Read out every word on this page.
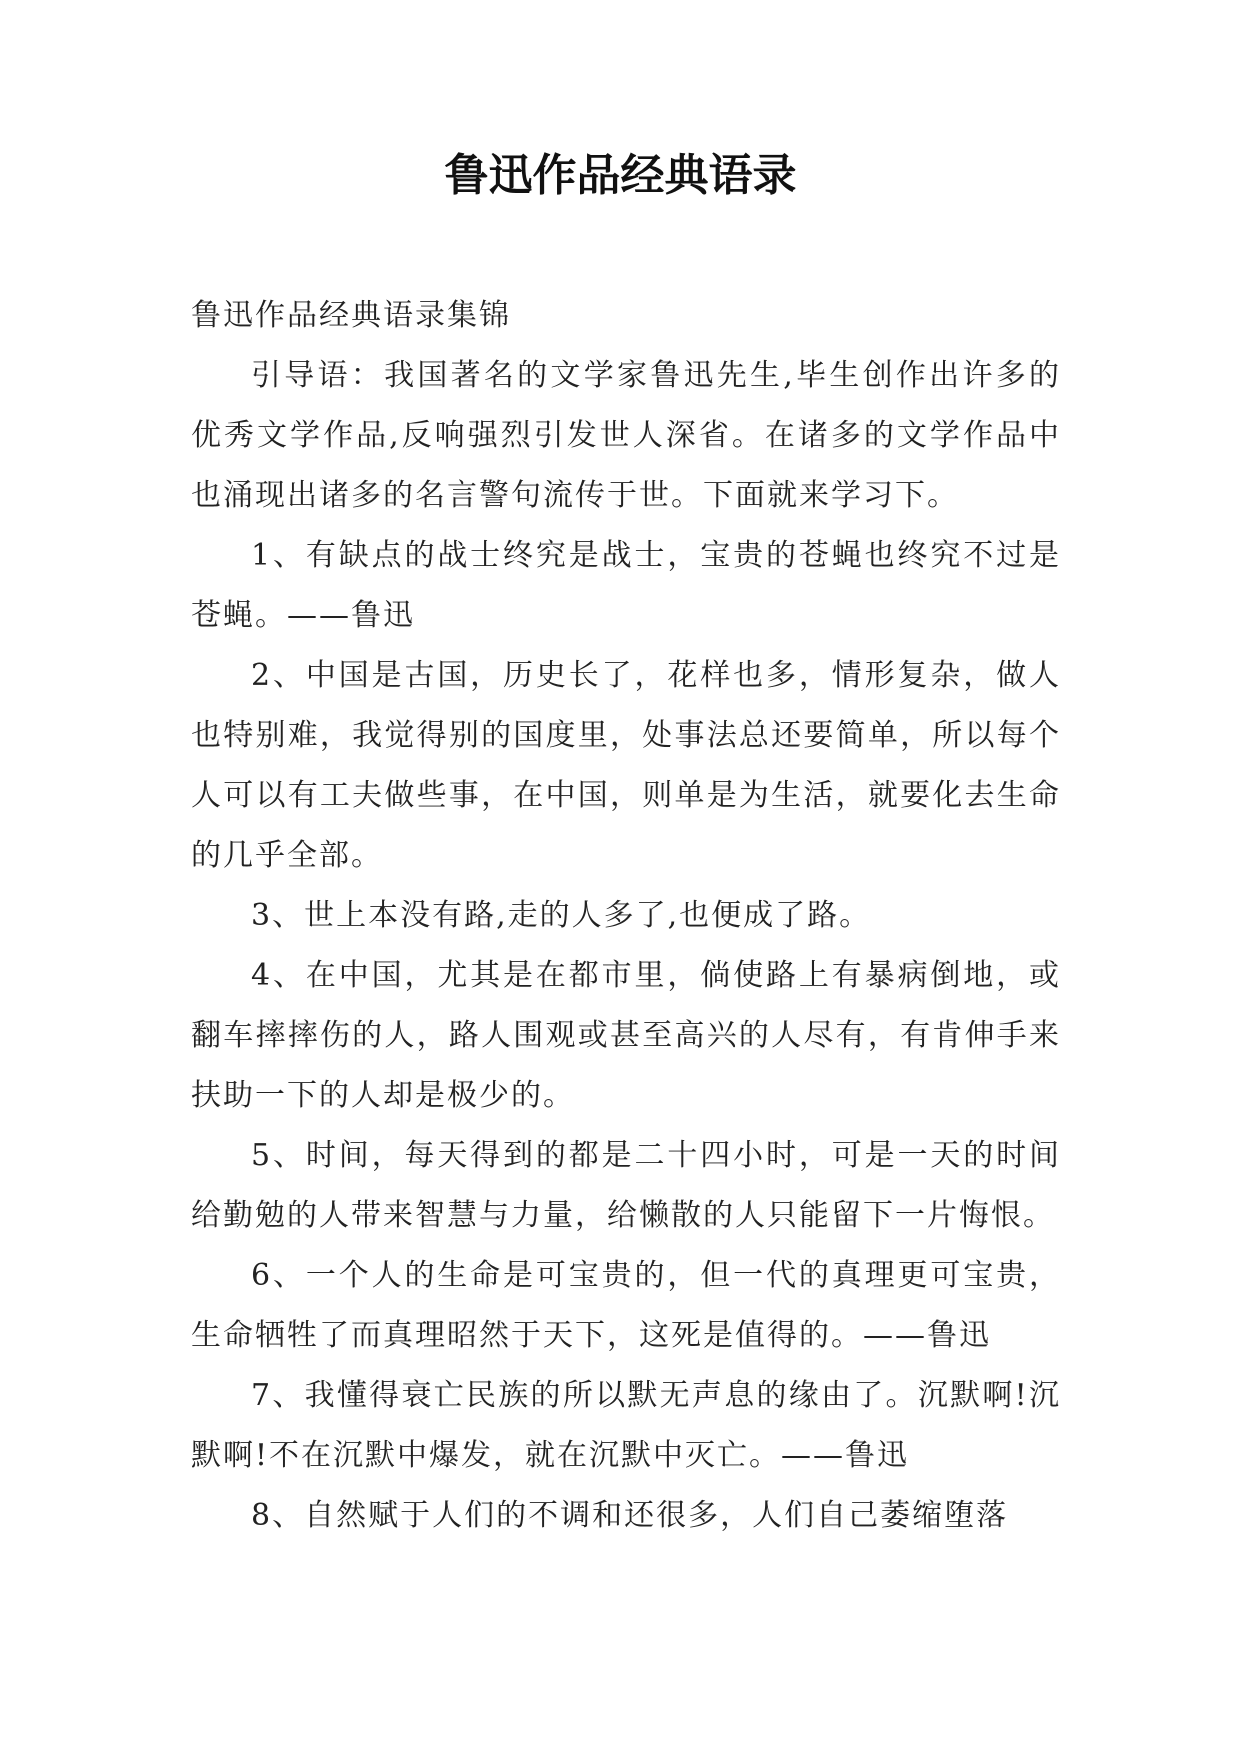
鲁迅作品经典语录

鲁迅作品经典语录集锦

引导语：我国著名的文学家鲁迅先生,毕生创作出许多的优秀文学作品,反响强烈引发世人深省。在诸多的文学作品中也涌现出诸多的名言警句流传于世。下面就来学习下。

1、有缺点的战士终究是战士，宝贵的苍蝇也终究不过是苍蝇。——鲁迅

2、中国是古国，历史长了，花样也多，情形复杂，做人也特别难，我觉得别的国度里，处事法总还要简单，所以每个人可以有工夫做些事，在中国，则单是为生活，就要化去生命的几乎全部。

3、世上本没有路,走的人多了,也便成了路。

4、在中国，尤其是在都市里，倘使路上有暴病倒地，或翻车摔摔伤的人，路人围观或甚至高兴的人尽有，有肯伸手来扶助一下的人却是极少的。

5、时间，每天得到的都是二十四小时，可是一天的时间给勤勉的人带来智慧与力量，给懒散的人只能留下一片悔恨。

6、一个人的生命是可宝贵的，但一代的真理更可宝贵，生命牺牲了而真理昭然于天下，这死是值得的。——鲁迅

7、我懂得衰亡民族的所以默无声息的缘由了。沉默啊!沉默啊!不在沉默中爆发，就在沉默中灭亡。——鲁迅

8、自然赋于人们的不调和还很多，人们自己萎缩堕落
